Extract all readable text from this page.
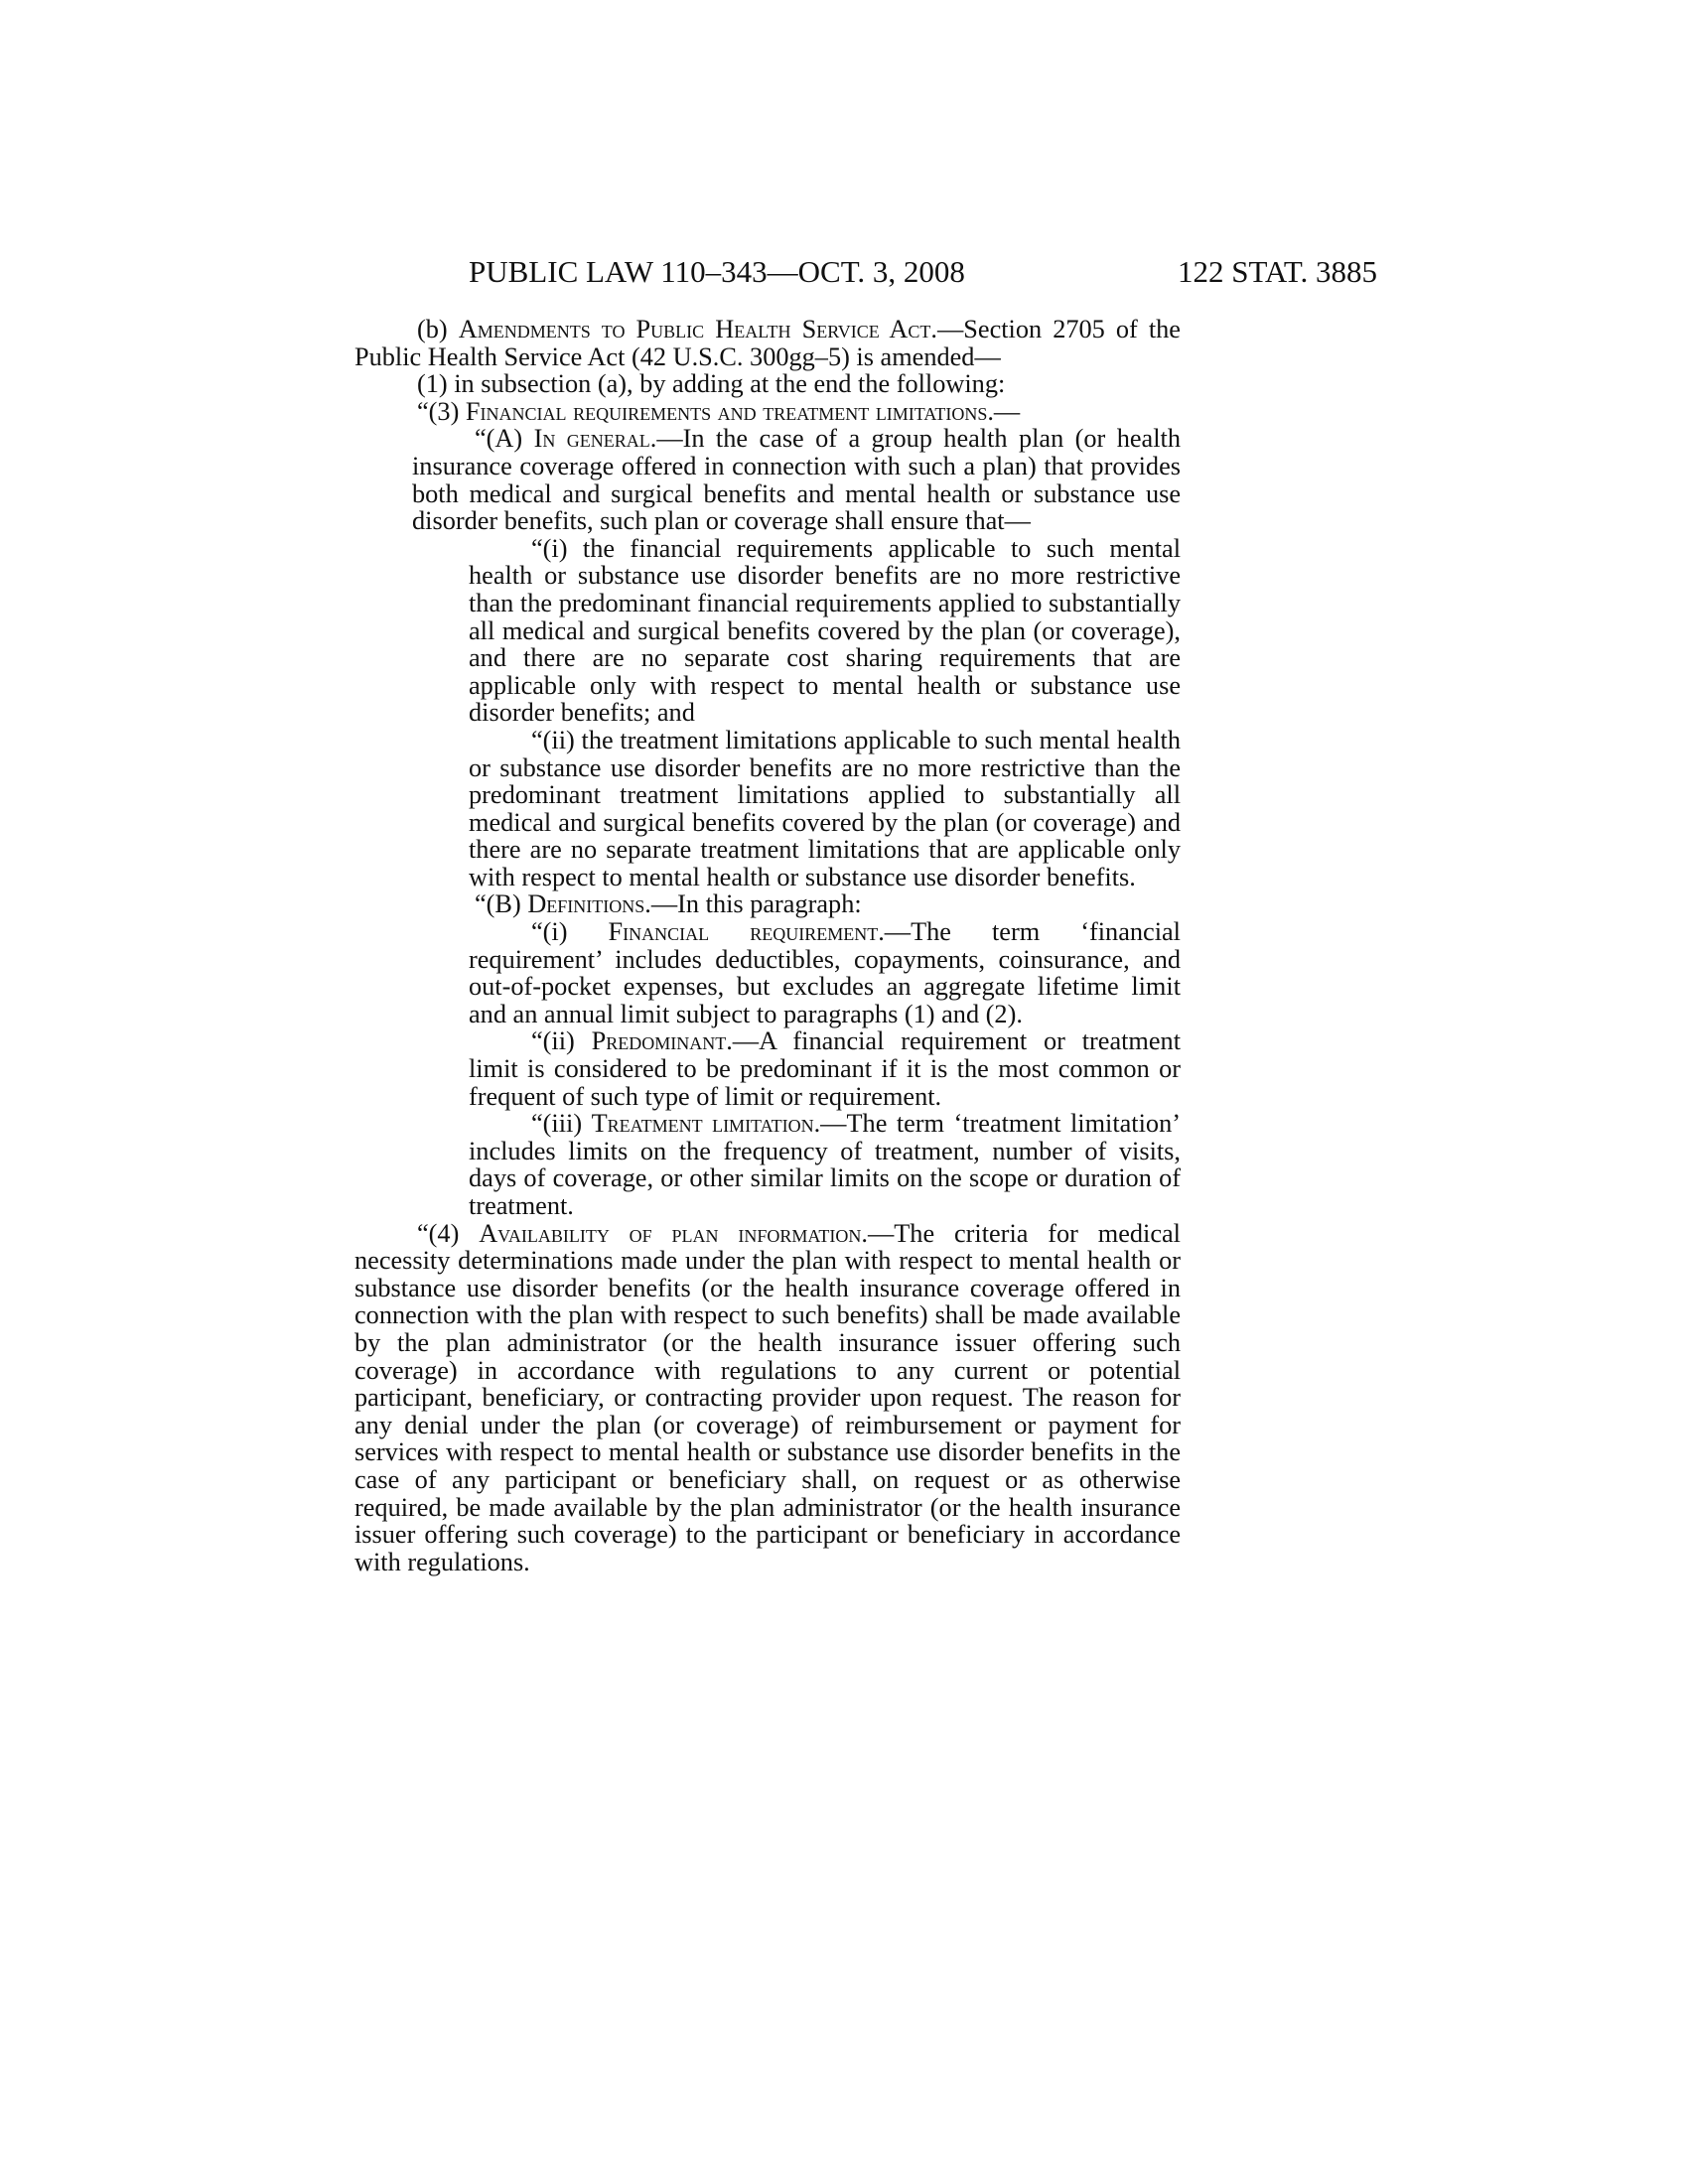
PUBLIC LAW 110–343—OCT. 3, 2008	122 STAT. 3885

(b) Amendments to Public Health Service Act.—Section 2705 of the Public Health Service Act (42 U.S.C. 300gg–5) is amended—

(1) in subsection (a), by adding at the end the following:

“(3) Financial requirements and treatment limitations.—

“(A) In general.—In the case of a group health plan (or health insurance coverage offered in connection with such a plan) that provides both medical and surgical benefits and mental health or substance use disorder benefits, such plan or coverage shall ensure that—

“(i) the financial requirements applicable to such mental health or substance use disorder benefits are no more restrictive than the predominant financial requirements applied to substantially all medical and surgical benefits covered by the plan (or coverage), and there are no separate cost sharing requirements that are applicable only with respect to mental health or substance use disorder benefits; and

“(ii) the treatment limitations applicable to such mental health or substance use disorder benefits are no more restrictive than the predominant treatment limitations applied to substantially all medical and surgical benefits covered by the plan (or coverage) and there are no separate treatment limitations that are applicable only with respect to mental health or substance use disorder benefits.

“(B) Definitions.—In this paragraph:

“(i) Financial requirement.—The term ‘financial requirement’ includes deductibles, copayments, coinsurance, and out-of-pocket expenses, but excludes an aggregate lifetime limit and an annual limit subject to paragraphs (1) and (2).

“(ii) Predominant.—A financial requirement or treatment limit is considered to be predominant if it is the most common or frequent of such type of limit or requirement.

“(iii) Treatment limitation.—The term ‘treatment limitation’ includes limits on the frequency of treatment, number of visits, days of coverage, or other similar limits on the scope or duration of treatment.

“(4) Availability of plan information.—The criteria for medical necessity determinations made under the plan with respect to mental health or substance use disorder benefits (or the health insurance coverage offered in connection with the plan with respect to such benefits) shall be made available by the plan administrator (or the health insurance issuer offering such coverage) in accordance with regulations to any current or potential participant, beneficiary, or contracting provider upon request. The reason for any denial under the plan (or coverage) of reimbursement or payment for services with respect to mental health or substance use disorder benefits in the case of any participant or beneficiary shall, on request or as otherwise required, be made available by the plan administrator (or the health insurance issuer offering such coverage) to the participant or beneficiary in accordance with regulations.
